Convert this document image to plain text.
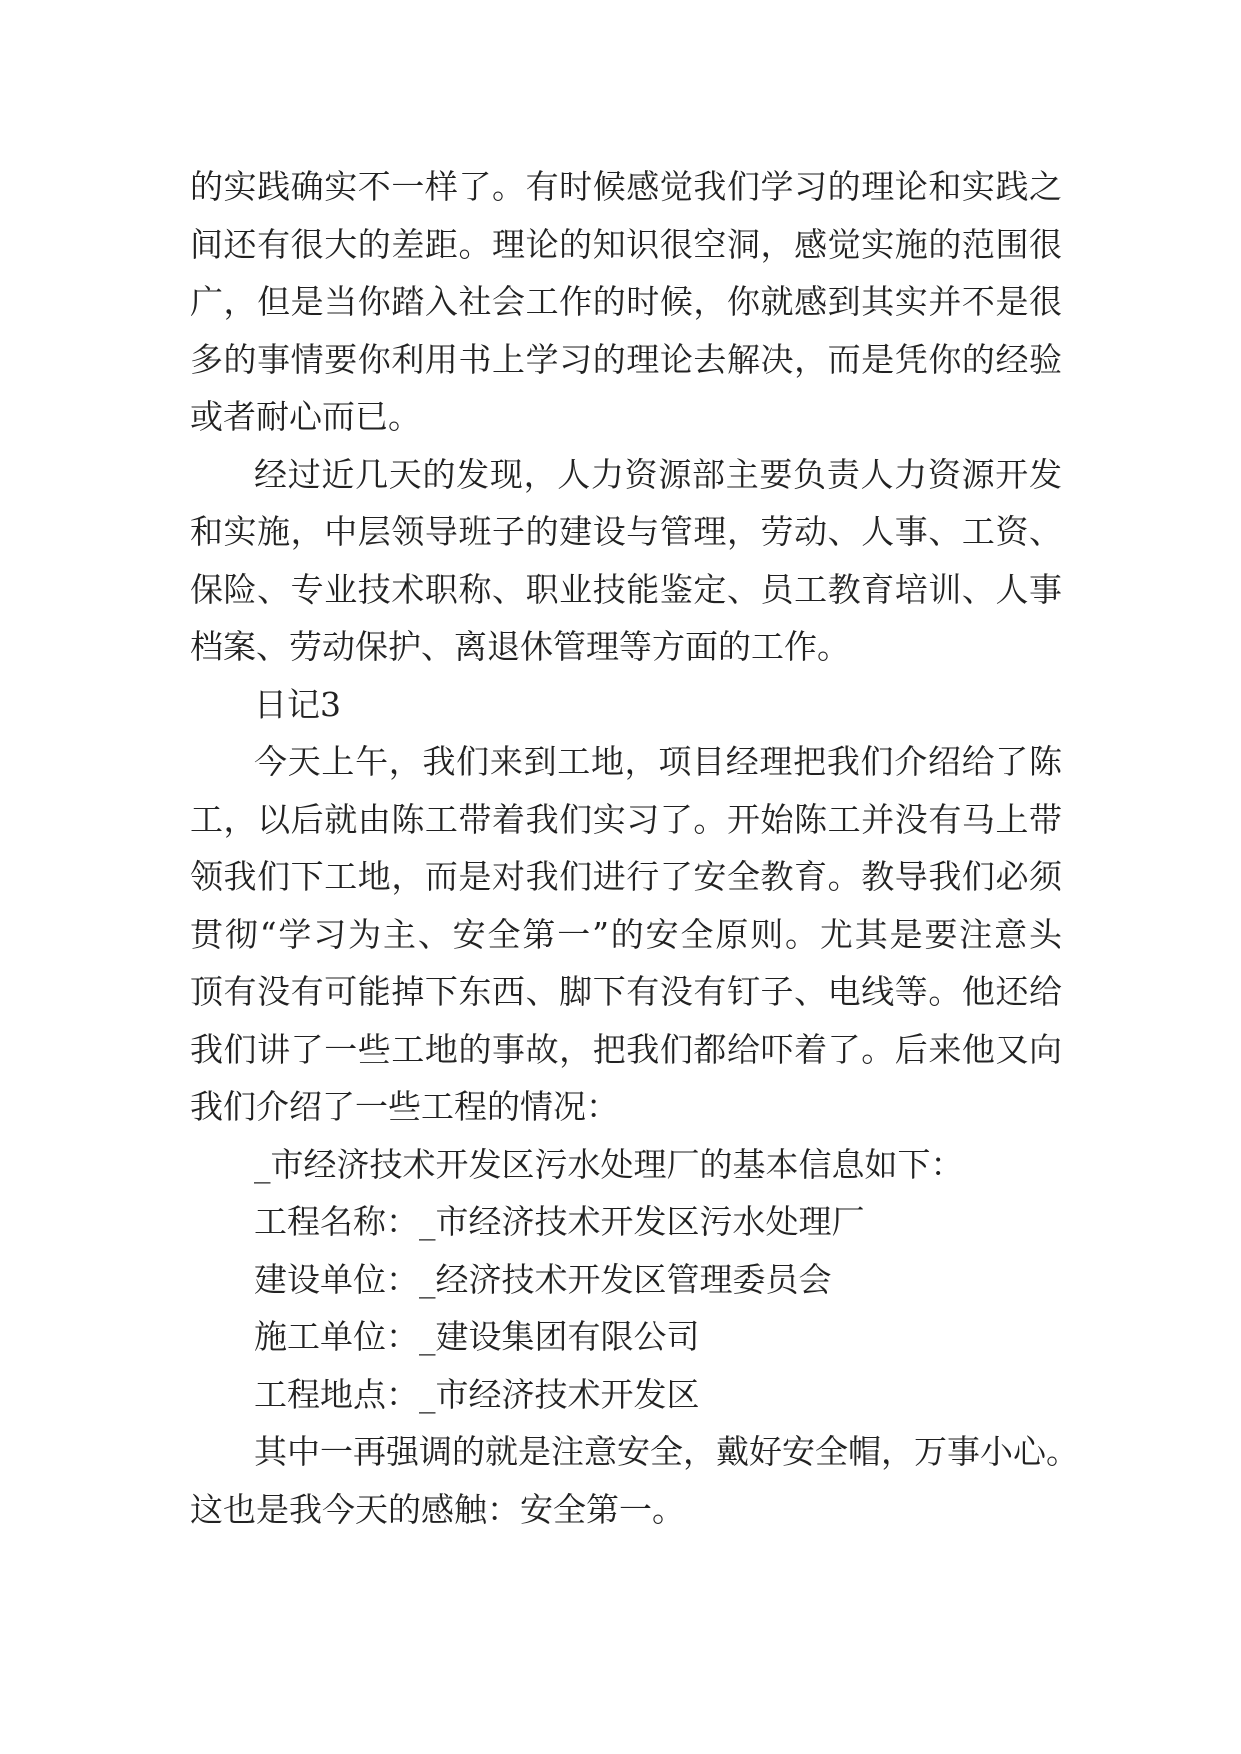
的实践确实不一样了。有时候感觉我们学习的理论和实践之
间还有很大的差距。理论的知识很空洞，感觉实施的范围很
广，但是当你踏入社会工作的时候，你就感到其实并不是很
多的事情要你利用书上学习的理论去解决，而是凭你的经验
或者耐心而已。
经过近几天的发现，人力资源部主要负责人力资源开发
和实施，中层领导班子的建设与管理，劳动、人事、工资、
保险、专业技术职称、职业技能鉴定、员工教育培训、人事
档案、劳动保护、离退休管理等方面的工作。
日记3
今天上午，我们来到工地，项目经理把我们介绍给了陈
工，以后就由陈工带着我们实习了。开始陈工并没有马上带
领我们下工地，而是对我们进行了安全教育。教导我们必须
贯彻“学习为主、安全第一”的安全原则。尤其是要注意头
顶有没有可能掉下东西、脚下有没有钉子、电线等。他还给
我们讲了一些工地的事故，把我们都给吓着了。后来他又向
我们介绍了一些工程的情况：
_市经济技术开发区污水处理厂的基本信息如下：
工程名称：_市经济技术开发区污水处理厂
建设单位：_经济技术开发区管理委员会
施工单位：_建设集团有限公司
工程地点：_市经济技术开发区
其中一再强调的就是注意安全，戴好安全帽，万事小心。
这也是我今天的感触：安全第一。
